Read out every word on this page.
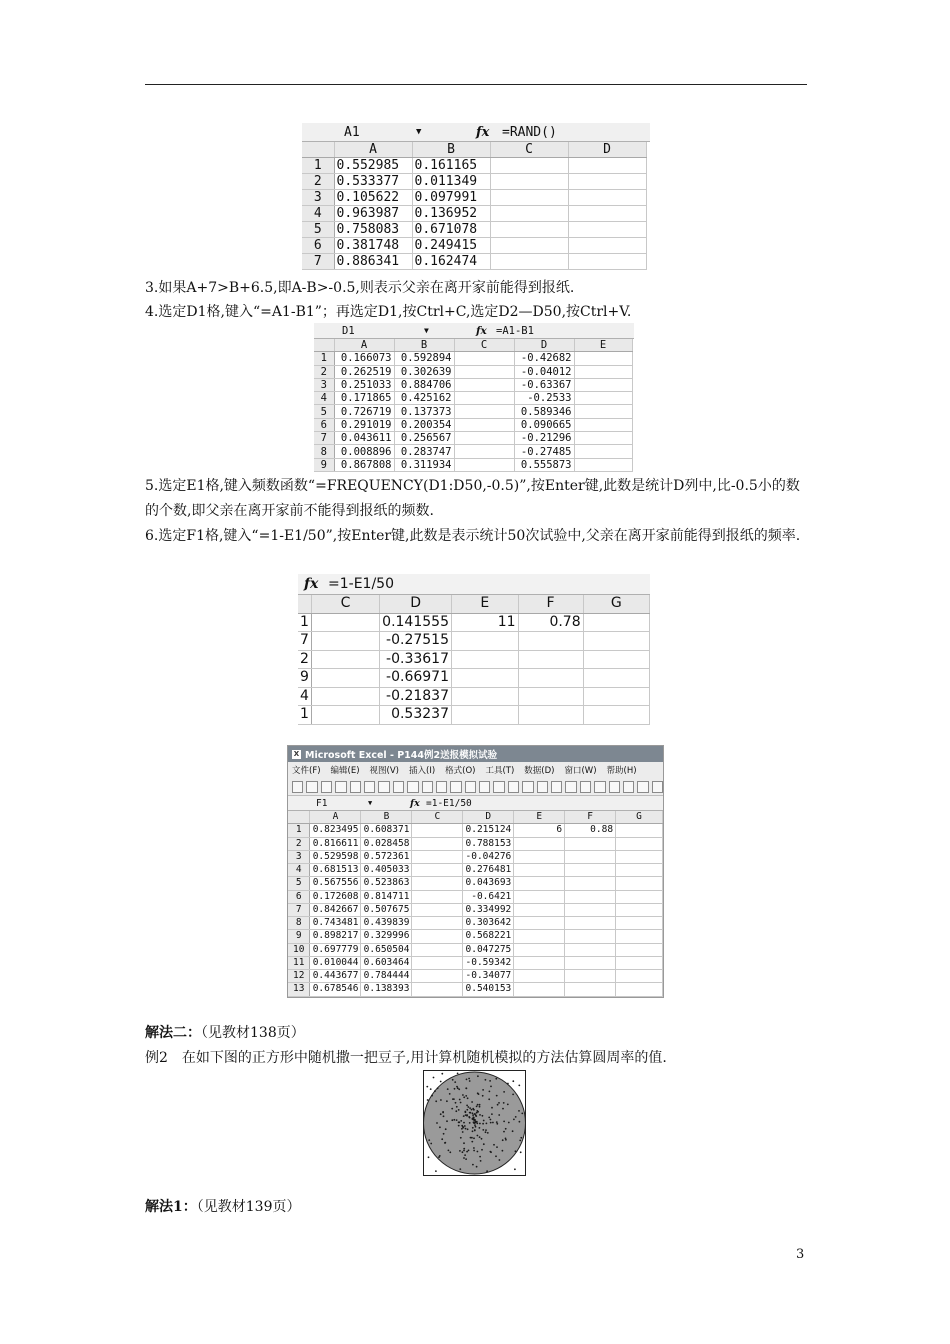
A1	▼	fx =RAND()
	A	B	C	D
1	0.552985	0.161165		
2	0.533377	0.011349		
3	0.105622	0.097991		
4	0.963987	0.136952		
5	0.758083	0.671078		
6	0.381748	0.249415		
7	0.886341	0.162474		
3.如果A+7>B+6.5,即A-B>-0.5,则表示父亲在离开家前能得到报纸.
4.选定D1格,键入“=A1-B1”；再选定D1,按Ctrl+C,选定D2—D50,按Ctrl+V.
D1	▼	fx =A1-B1
	A	B	C	D	E
1	0.166073	0.592894		-0.42682	
2	0.262519	0.302639		-0.04012	
3	0.251033	0.884706		-0.63367	
4	0.171865	0.425162		-0.2533	
5	0.726719	0.137373		0.589346	
6	0.291019	0.200354		0.090665	
7	0.043611	0.256567		-0.21296	
8	0.008896	0.283747		-0.27485	
9	0.867808	0.311934		0.555873	
5.选定E1格,键入频数函数“=FREQUENCY(D1:D50,-0.5)”,按Enter键,此数是统计D列中,比-0.5小的数的个数,即父亲在离开家前不能得到报纸的频数.
6.选定F1格,键入“=1-E1/50”,按Enter键,此数是表示统计50次试验中,父亲在离开家前能得到报纸的频率.
fx =1-E1/50
	C	D	E	F	G
1		0.141555	11	0.78	
7		-0.27515			
2		-0.33617			
9		-0.66971			
4		-0.21837			
1		0.53237			
X Microsoft Excel - P144例2送报模拟试验
文件(F) 编辑(E) 视图(V) 插入(I) 格式(O) 工具(T) 数据(D) 窗口(W) 帮助(H)
F1	▼	fx =1-E1/50
	A	B	C	D	E	F	G
1	0.823495	0.608371		0.215124	6	0.88	
2	0.816611	0.028458		0.788153			
3	0.529598	0.572361		-0.04276			
4	0.681513	0.405033		0.276481			
5	0.567556	0.523863		0.043693			
6	0.172608	0.814711		-0.6421			
7	0.842667	0.507675		0.334992			
8	0.743481	0.439839		0.303642			
9	0.898217	0.329996		0.568221			
10	0.697779	0.650504		0.047275			
11	0.010044	0.603464		-0.59342			
12	0.443677	0.784444		-0.34077			
13	0.678546	0.138393		0.540153			
解法二：（见教材138页）
例2　在如下图的正方形中随机撒一把豆子,用计算机随机模拟的方法估算圆周率的值.
解法1：（见教材139页）
3
